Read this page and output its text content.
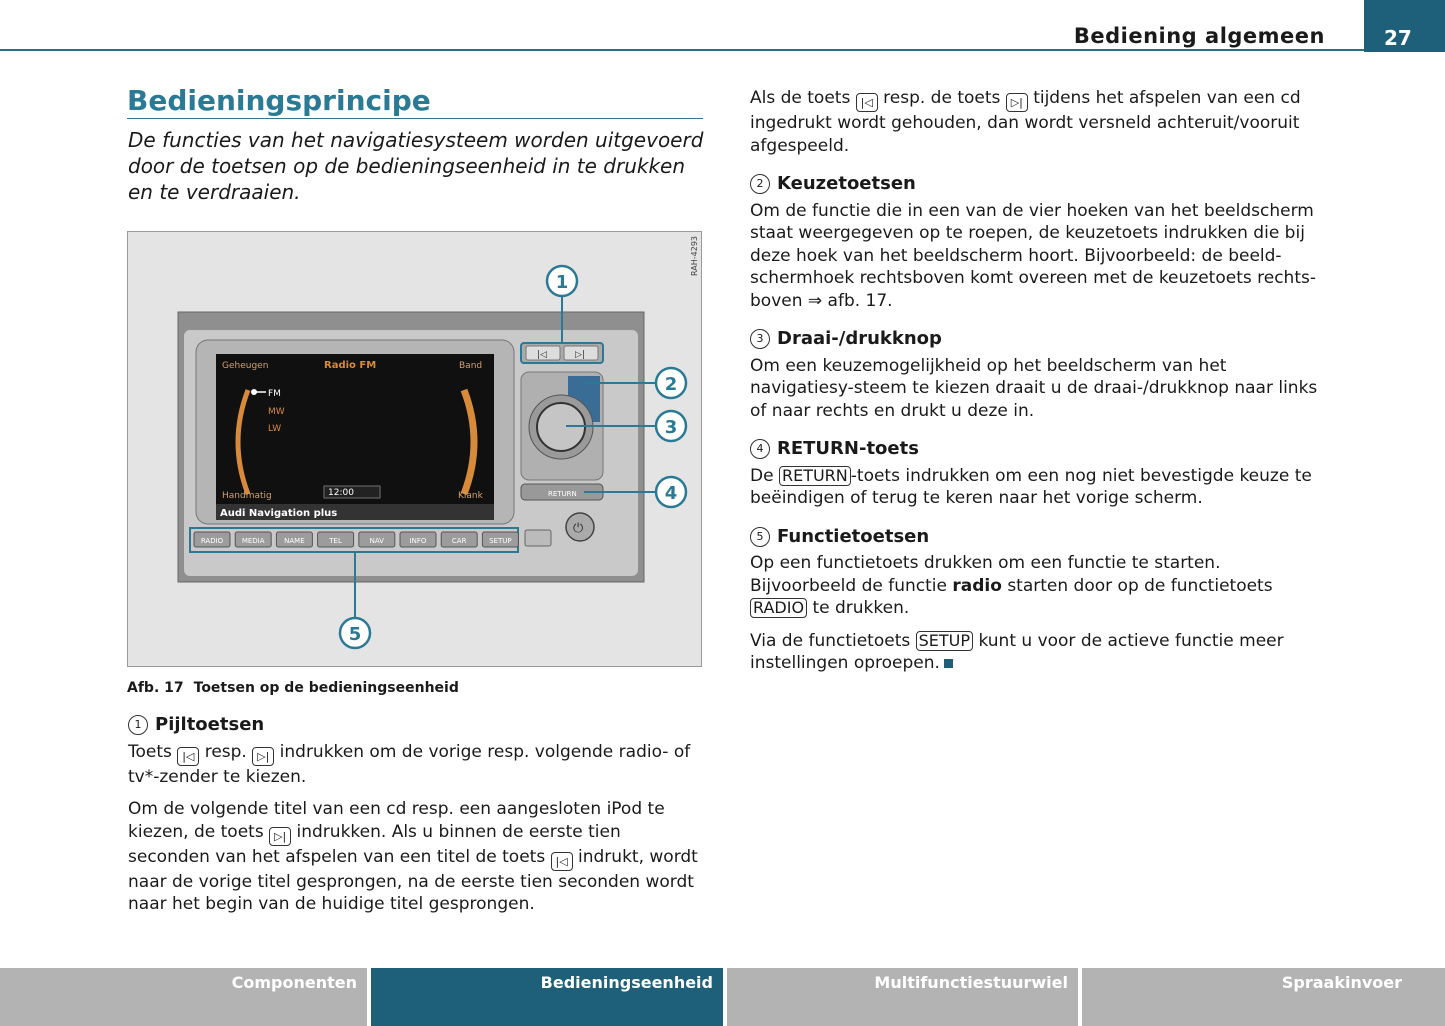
Bediening algemeen	27
Bedieningsprincipe
De functies van het navigatiesysteem worden uitgevoerd door de toetsen op de bedieningseenheid in te drukken en te verdraaien.
RAH-4293
Geheugen	Radio FM	Band
FM
MW
LW
Handmatig	12:00	Klank
Audi Navigation plus
|◁	▷|
RETURN
⏻
RADIO	MEDIA	NAME	TEL	NAV	INFO	CAR	SETUP
1
2
3
4
5
Afb. 17 Toetsen op de bedieningseenheid
1 Pijltoetsen

Toets |◁ resp. ▷| indrukken om de vorige resp. volgende radio- of tv*-zender te kiezen.

Om de volgende titel van een cd resp. een aangesloten iPod te kiezen, de toets ▷| indrukken. Als u binnen de eerste tien seconden van het afspelen van een titel de toets |◁ indrukt, wordt naar de vorige titel gesprongen, na de eerste tien seconden wordt naar het begin van de huidige titel gesprongen.

Als de toets |◁ resp. de toets ▷| tijdens het afspelen van een cd ingedrukt wordt gehouden, dan wordt versneld achteruit/vooruit afgespeeld.

2 Keuzetoetsen

Om de functie die in een van de vier hoeken van het beeldscherm staat weergegeven op te roepen, de keuzetoets indrukken die bij deze hoek van het beeldscherm hoort. Bijvoorbeeld: de beeld-schermhoek rechtsboven komt overeen met de keuzetoets rechts-boven ⇒ afb. 17.

3 Draai-/drukknop

Om een keuzemogelijkheid op het beeldscherm van het navigatiesy-steem te kiezen draait u de draai-/drukknop naar links of naar rechts en drukt u deze in.

4 RETURN-toets

De RETURN -toets indrukken om een nog niet bevestigde keuze te beëindigen of terug te keren naar het vorige scherm.

5 Functietoetsen

Op een functietoets drukken om een functie te starten. Bijvoorbeeld de functie radio starten door op de functietoets RADIO te drukken.

Via de functietoets SETUP kunt u voor de actieve functie meer instellingen oproepen.

Componenten	Bedieningseenheid	Multifunctiestuurwiel	Spraakinvoer
